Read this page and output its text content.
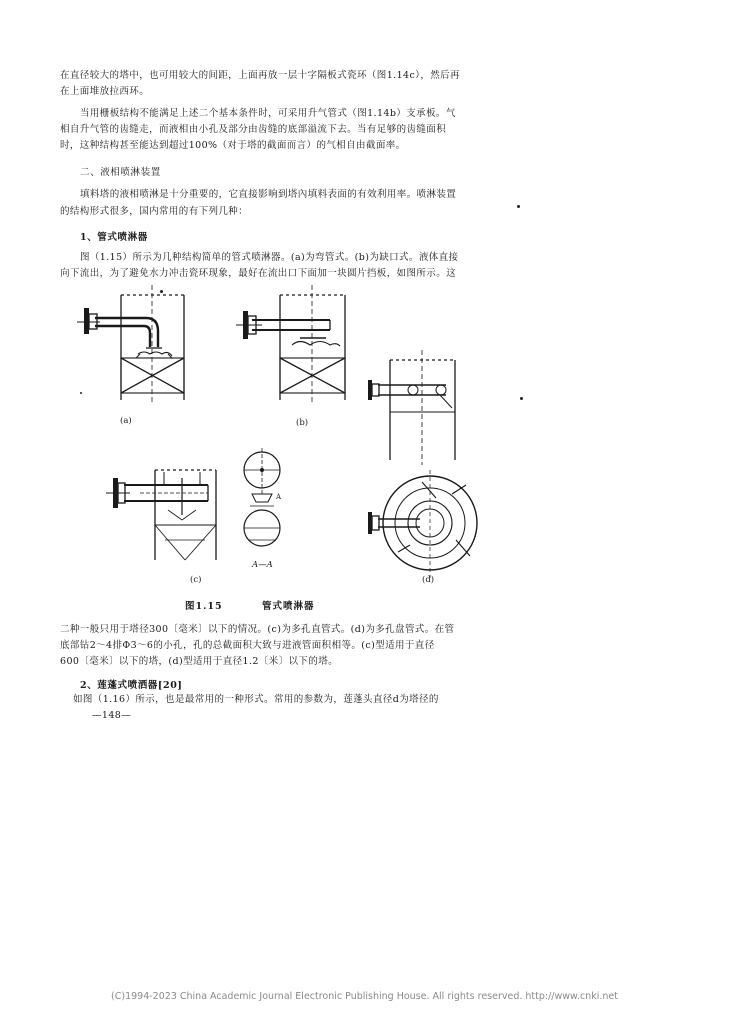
在直径较大的塔中，也可用较大的间距，上面再放一层十字隔板式瓷环（图1.14c），然后再
在上面堆放拉西环。
当用栅板结构不能满足上述二个基本条件时，可采用升气管式（图1.14b）支承板。气
相自升气管的齿缝走，而液相由小孔及部分由齿缝的底部溢流下去。当有足够的齿缝面积
时，这种结构甚至能达到超过100%（对于塔的截面而言）的气相自由截面率。
二、液相喷淋装置
填料塔的液相喷淋是十分重要的，它直接影响到塔內填料表面的有效利用率。喷淋装置
的结构形式很多，国内常用的有下列几种：
1、管式喷淋器
图（1.15）所示为几种结构简单的管式喷淋器。(a)为弯管式。(b)为缺口式。液体直接
向下流出，为了避免水力冲击瓷环现象，最好在流出口下面加一块圆片挡板，如图所示。这
(a)	(b)
(c)	(d)
A—A
A
图1.15	管式喷淋器
二种一般只用于塔径300〔毫米〕以下的情况。(c)为多孔直管式。(d)为多孔盘管式。在管
底部钻2～4排Φ3～6的小孔，孔的总截面积大致与进液管面积相等。(c)型适用于直径
600〔毫米〕以下的塔，(d)型适用于直径1.2〔米〕以下的塔。
2、莲蓬式喷洒器[20]
如图（1.16）所示，也是最常用的一种形式。常用的参数为，莲蓬头直径d为塔径的
—148—
(C)1994-2023 China Academic Journal Electronic Publishing House. All rights reserved. http://www.cnki.net
